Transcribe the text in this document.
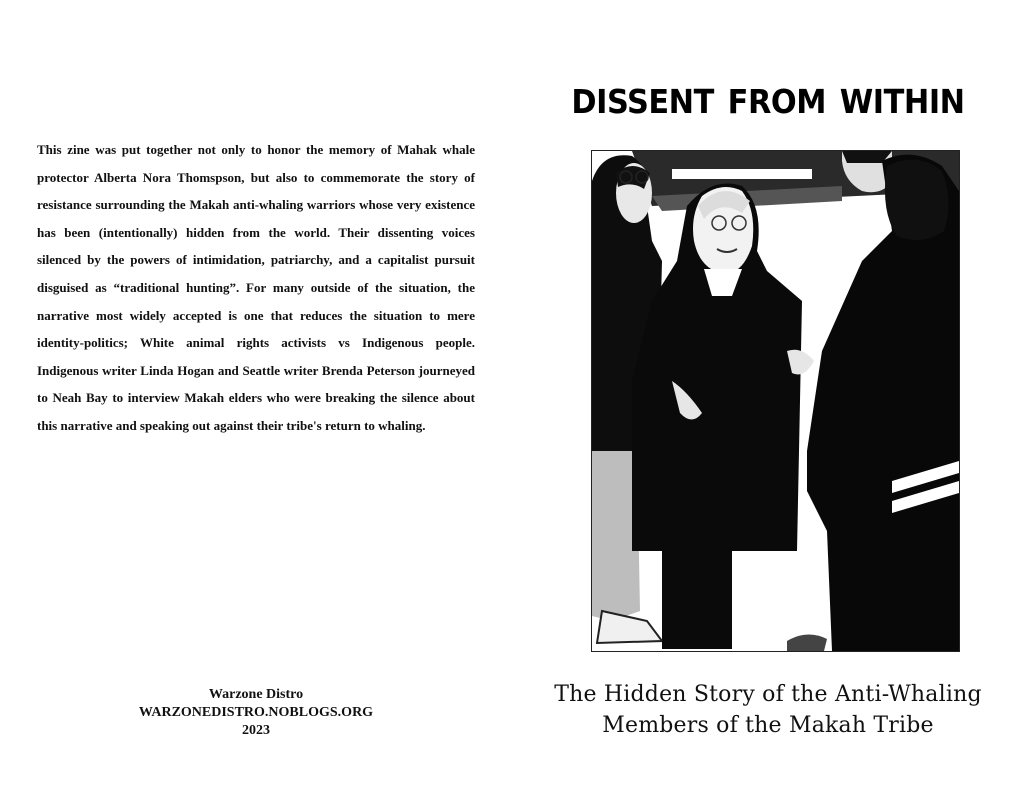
This zine was put together not only to honor the memory of Mahak whale protector Alberta Nora Thomspson, but also to commemorate the story of resistance surrounding the Makah anti-whaling warriors whose very existence has been (intentionally) hidden from the world. Their dissenting voices silenced by the powers of intimidation, patriarchy, and a capitalist pursuit disguised as “traditional hunting”. For many outside of the situation, the narrative most widely accepted is one that reduces the situation to mere identity-politics; White animal rights activists vs Indigenous people. Indigenous writer Linda Hogan and Seattle writer Brenda Peterson journeyed to Neah Bay to interview Makah elders who were breaking the silence about this narrative and speaking out against their tribe's return to whaling.

Warzone Distro
WARZONEDISTRO.NOBLOGS.ORG
2023
DISSENT FROM WITHIN
The Hidden Story of the Anti-Whaling
Members of the Makah Tribe
